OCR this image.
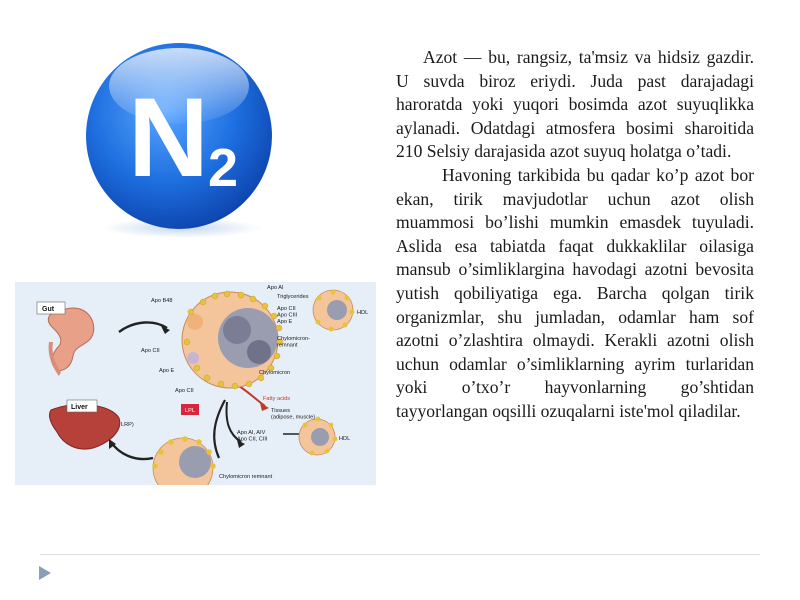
N 2
Gut
Liver
LRP)
LPL
Apo B48
Apo CII
Apo E
Apo CII
Apo AI
Triglycerides
Apo CII Apo CIII Apo E
HDL
Chylomicron-remnant
Chylomicron
Fatty acids
Tissues (adipose, muscle)
Apo AI, AIV Apo CII, CIII	HDL
Chylomicron remnant

Azot — bu, rangsiz, ta'msiz va hidsiz gazdir. U suvda biroz eriydi. Juda past darajadagi haroratda yoki yuqori bosimda azot suyuqlikka aylanadi. Odatdagi atmosfera bosimi sharoitida 210 Selsiy darajasida azot suyuq holatga o’tadi.

Havoning tarkibida bu qadar ko’p azot bor ekan, tirik mavjudotlar uchun azot olish muammosi bo’lishi mumkin emasdek tuyuladi. Aslida esa tabiatda faqat dukkaklilar oilasiga mansub o’simliklargina havodagi azotni bevosita yutish qobiliyatiga ega. Barcha qolgan tirik organizmlar, shu jumladan, odamlar ham sof azotni o’zlashtira olmaydi. Kerakli azotni olish uchun odamlar o’simliklarning ayrim turlaridan yoki o’txo’r hayvonlarning go’shtidan tayyorlangan oqsilli ozuqalarni iste'mol qiladilar.
